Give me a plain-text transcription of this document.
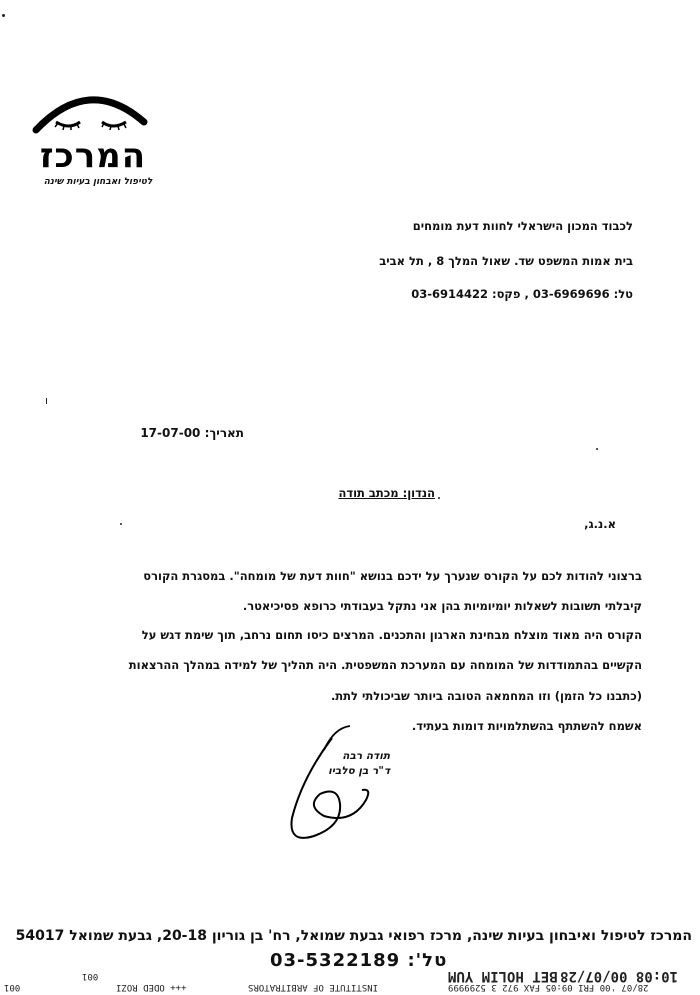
המרכז
לטיפול ואבחון בעיות שינה
לכבוד המכון הישראלי לחוות דעת מומחים
בית אמות המשפט שד. שאול המלך 8 , תל אביב
טל: 03-6969696 , פקס: 03-6914422
תאריך: 17-07-00
הנדון: מכתב תודה
א.נ.ג,
ברצוני להודות לכם על הקורס שנערך על ידכם בנושא "חוות דעת של מומחה". במסגרת הקורס
קיבלתי תשובות לשאלות יומיומיות בהן אני נתקל בעבודתי כרופא פסיכיאטר.
הקורס היה מאוד מוצלח מבחינת הארגון והתכנים. המרצים כיסו תחום נרחב, תוך שימת דגש על
הקשיים בהתמודדות של המומחה עם המערכת המשפטית. היה תהליך של למידה במהלך ההרצאות
(כתבנו כל הזמן) וזו המחמאה הטובה ביותר שביכולתי לתת.
אשמח להשתתף בהשתלמויות דומות בעתיד.
תודה רבה
ד"ר בן סלביו
המרכז לטיפול ואיבחון בעיות שינה, מרכז רפואי גבעת שמואל, רח' בן גוריון 20-18, גבעת שמואל 54017
טל': 03-5322189
10:08 00/07/28
BET HOLIM YUM
28/07 '00 FRI 09:05 FAX 972 3 5299999
INSTITUTE OF ARBITRATORS
+++ ODED ROZI
001
001
